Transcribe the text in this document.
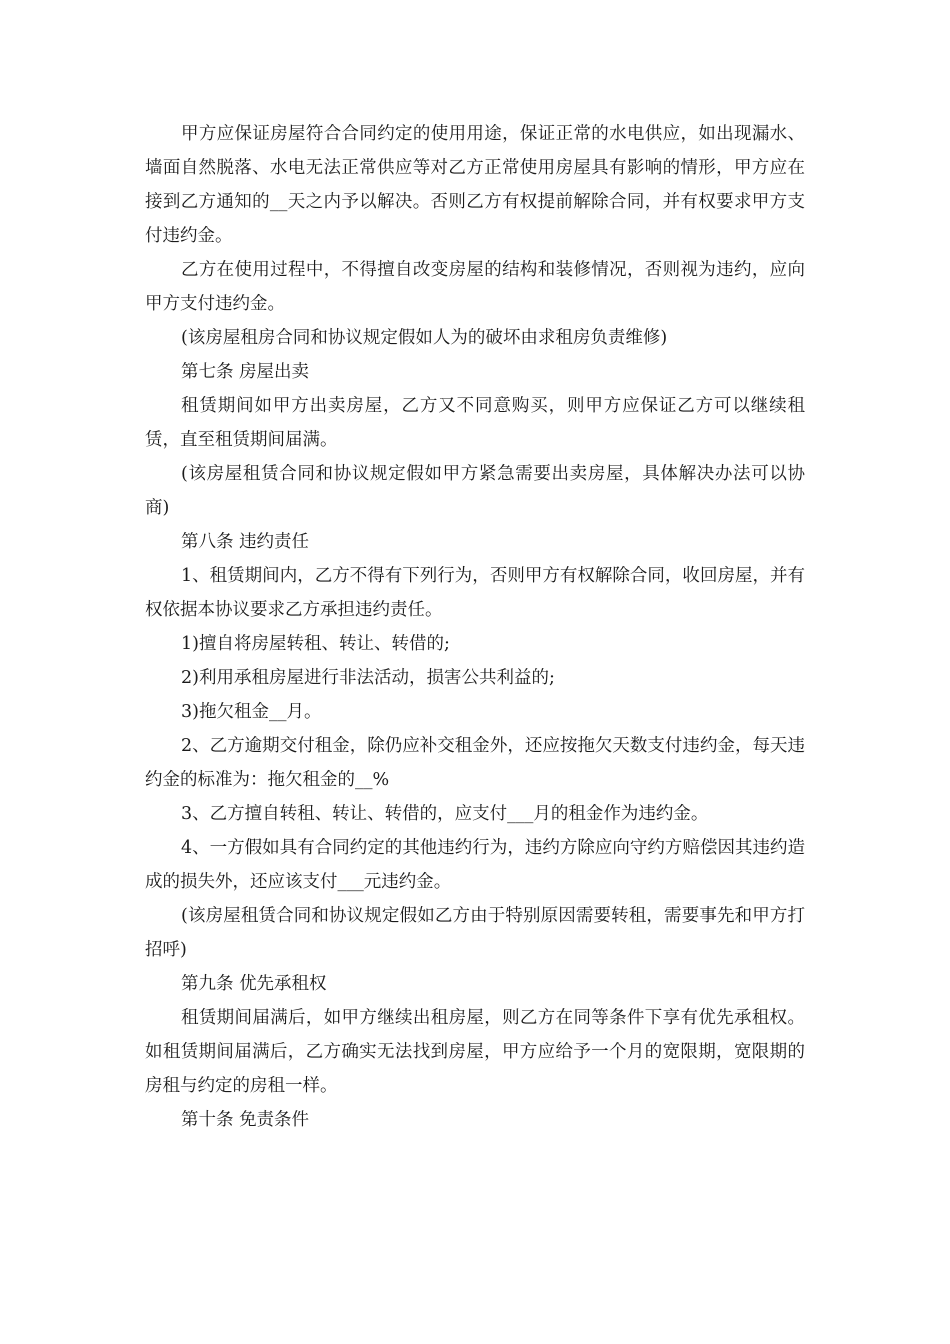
甲方应保证房屋符合合同约定的使用用途，保证正常的水电供应，如出现漏水、墙面自然脱落、水电无法正常供应等对乙方正常使用房屋具有影响的情形，甲方应在接到乙方通知的__天之内予以解决。否则乙方有权提前解除合同，并有权要求甲方支付违约金。

乙方在使用过程中，不得擅自改变房屋的结构和装修情况，否则视为违约，应向甲方支付违约金。

(该房屋租房合同和协议规定假如人为的破坏由求租房负责维修)

第七条 房屋出卖

租赁期间如甲方出卖房屋，乙方又不同意购买，则甲方应保证乙方可以继续租赁，直至租赁期间届满。

(该房屋租赁合同和协议规定假如甲方紧急需要出卖房屋，具体解决办法可以协商)

第八条 违约责任

1、租赁期间内，乙方不得有下列行为，否则甲方有权解除合同，收回房屋，并有权依据本协议要求乙方承担违约责任。

1)擅自将房屋转租、转让、转借的;

2)利用承租房屋进行非法活动，损害公共利益的;

3)拖欠租金__月。

2、乙方逾期交付租金，除仍应补交租金外，还应按拖欠天数支付违约金，每天违约金的标准为：拖欠租金的__%

3、乙方擅自转租、转让、转借的，应支付___月的租金作为违约金。

4、一方假如具有合同约定的其他违约行为，违约方除应向守约方赔偿因其违约造成的损失外，还应该支付___元违约金。

(该房屋租赁合同和协议规定假如乙方由于特别原因需要转租，需要事先和甲方打招呼)

第九条 优先承租权

租赁期间届满后，如甲方继续出租房屋，则乙方在同等条件下享有优先承租权。如租赁期间届满后，乙方确实无法找到房屋，甲方应给予一个月的宽限期，宽限期的房租与约定的房租一样。

第十条 免责条件
